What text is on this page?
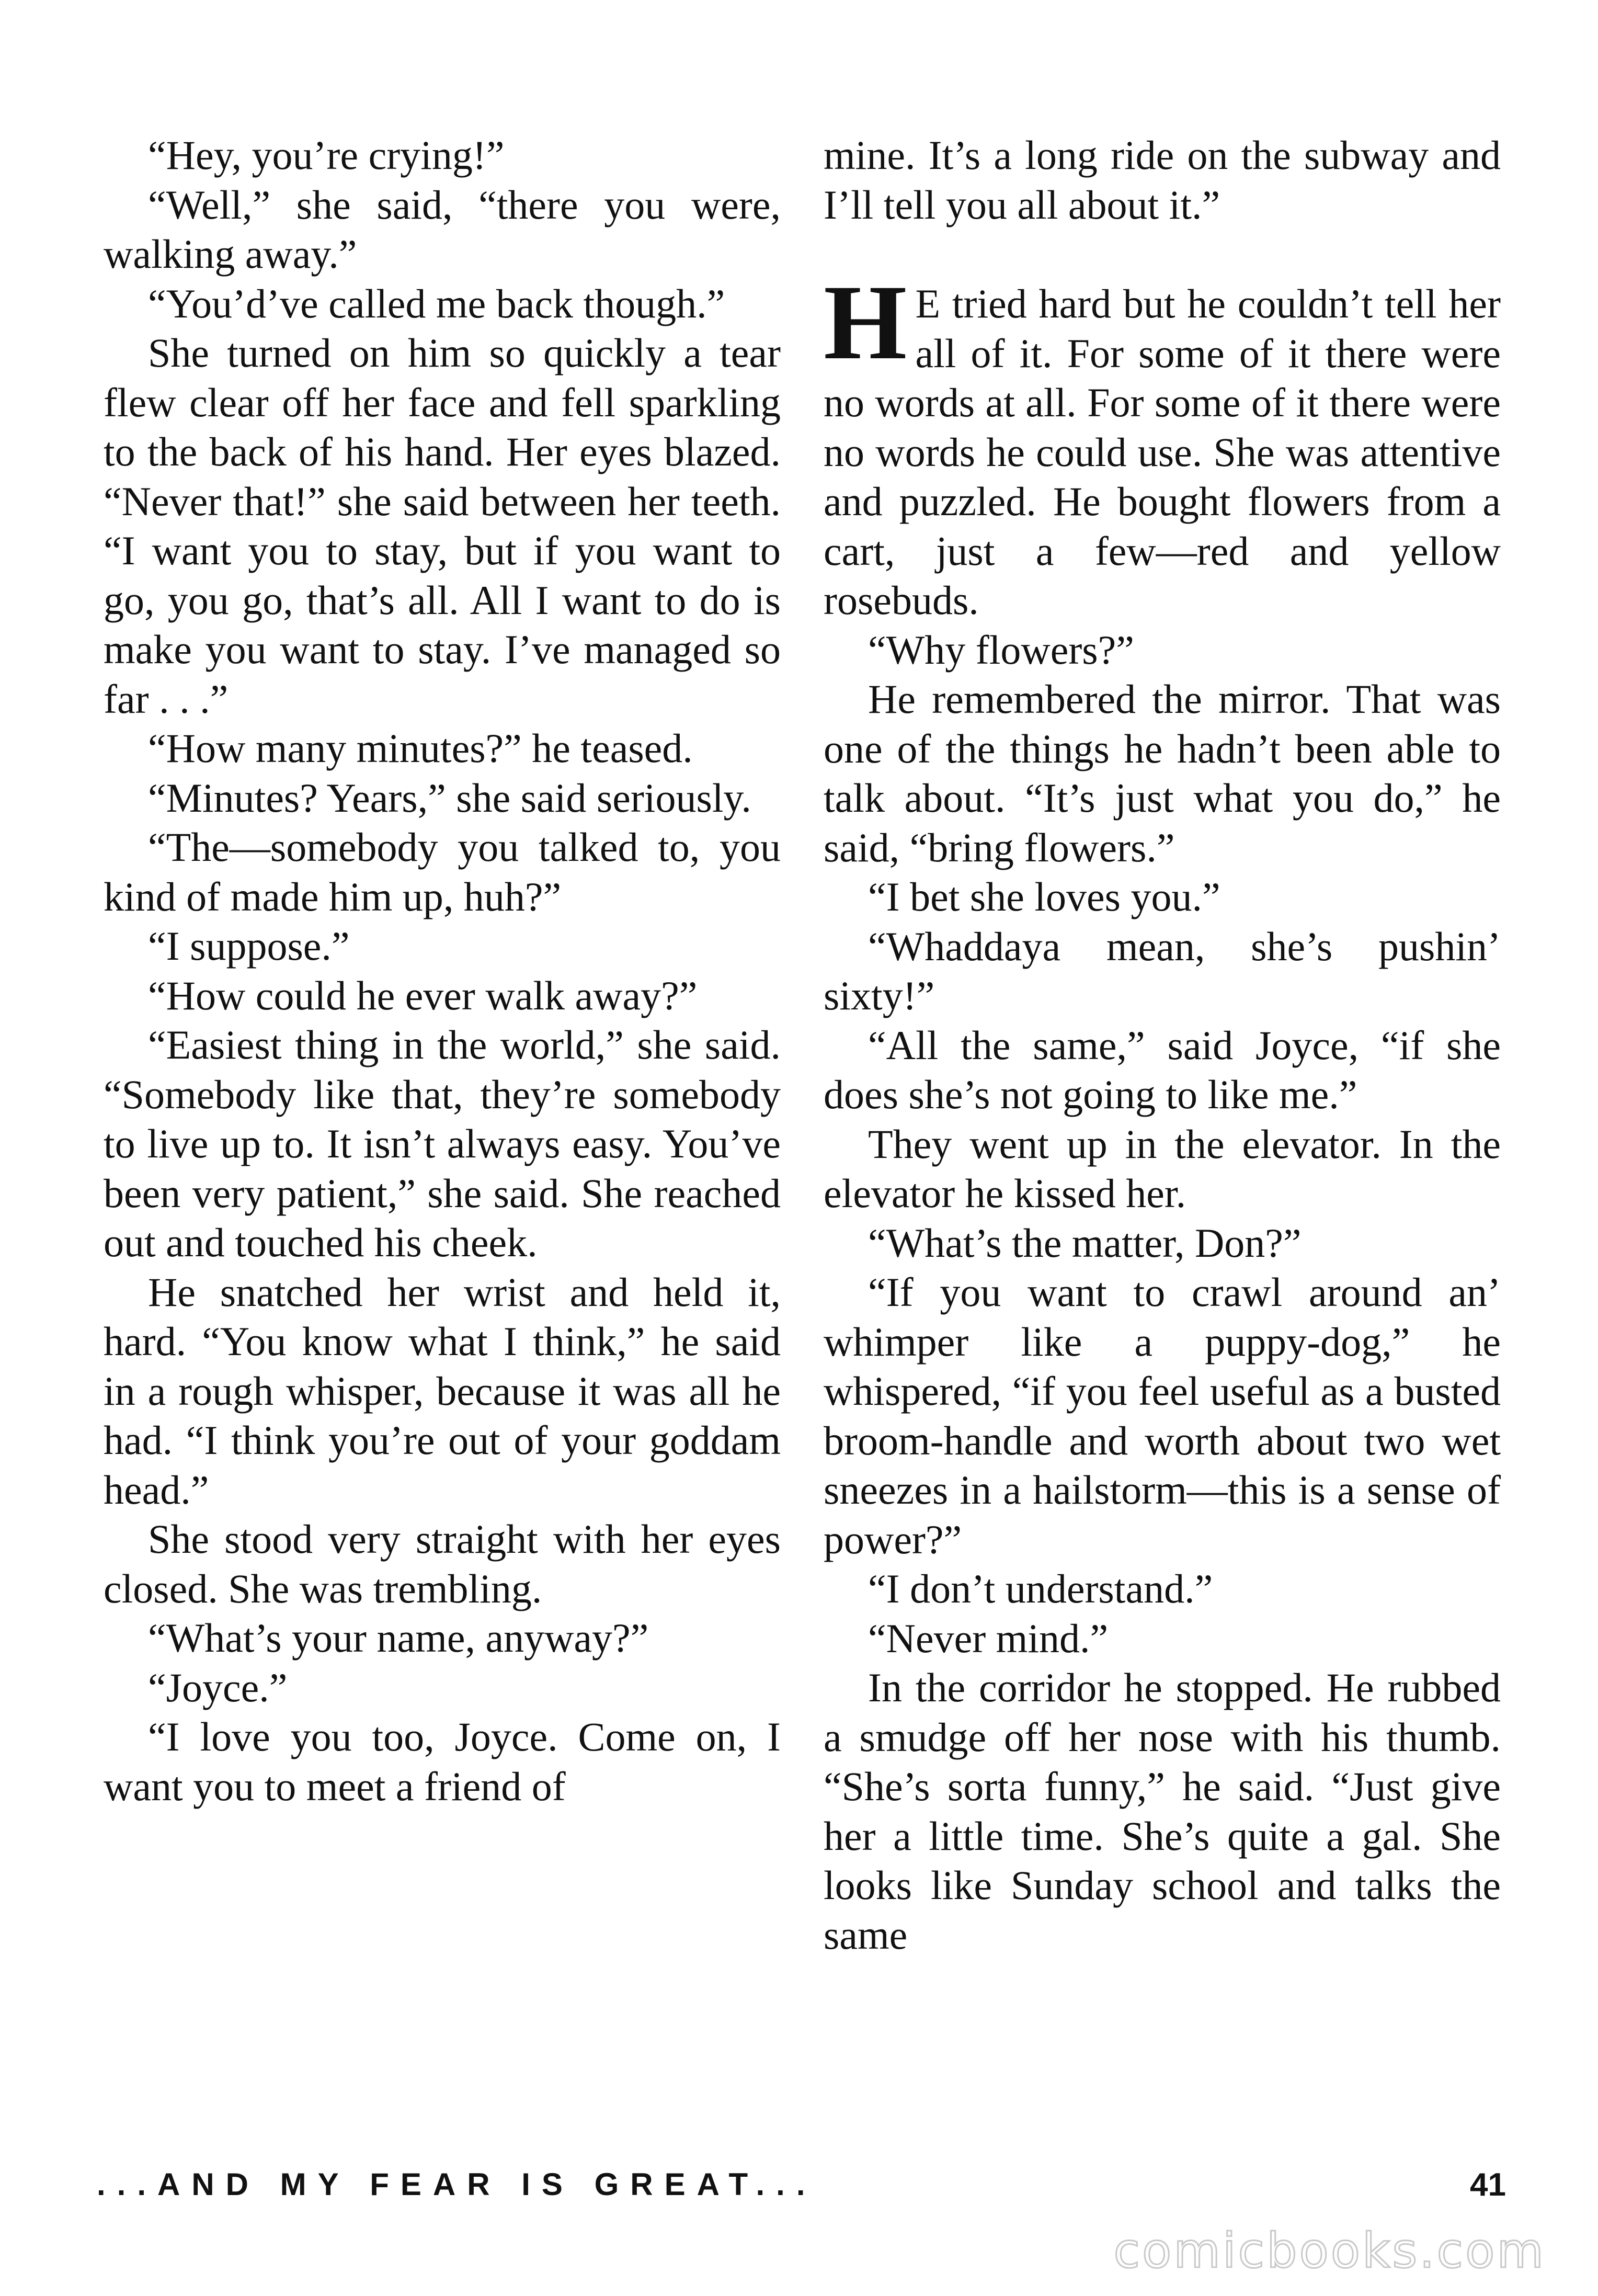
“Hey, you’re crying!”

“Well,” she said, “there you were, walking away.”

“You’d’ve called me back though.”

She turned on him so quickly a tear flew clear off her face and fell sparkling to the back of his hand. Her eyes blazed. “Never that!” she said between her teeth. “I want you to stay, but if you want to go, you go, that’s all. All I want to do is make you want to stay. I’ve managed so far . . .”

“How many minutes?” he teased.

“Minutes? Years,” she said seriously.

“The—somebody you talked to, you kind of made him up, huh?”

“I suppose.”

“How could he ever walk away?”

“Easiest thing in the world,” she said. “Somebody like that, they’re somebody to live up to. It isn’t always easy. You’ve been very patient,” she said. She reached out and touched his cheek.

He snatched her wrist and held it, hard. “You know what I think,” he said in a rough whisper, because it was all he had. “I think you’re out of your goddam head.”

She stood very straight with her eyes closed. She was trembling.

“What’s your name, anyway?”

“Joyce.”

“I love you too, Joyce. Come on, I want you to meet a friend of

mine. It’s a long ride on the subway and I’ll tell you all about it.”

H E tried hard but he couldn’t tell her all of it. For some of it there were no words at all. For some of it there were no words he could use. She was attentive and puzzled. He bought flowers from a cart, just a few—red and yellow rosebuds.

“Why flowers?”

He remembered the mirror. That was one of the things he hadn’t been able to talk about. “It’s just what you do,” he said, “bring flowers.”

“I bet she loves you.”

“Whaddaya mean, she’s pushin’ sixty!”

“All the same,” said Joyce, “if she does she’s not going to like me.”

They went up in the elevator. In the elevator he kissed her.

“What’s the matter, Don?”

“If you want to crawl around an’ whimper like a puppy-dog,” he whispered, “if you feel useful as a busted broom-handle and worth about two wet sneezes in a hailstorm—this is a sense of power?”

“I don’t understand.”

“Never mind.”

In the corridor he stopped. He rubbed a smudge off her nose with his thumb. “She’s sorta funny,” he said. “Just give her a little time. She’s quite a gal. She looks like Sunday school and talks the same

...AND MY FEAR IS GREAT...	41
comicbooks.com
